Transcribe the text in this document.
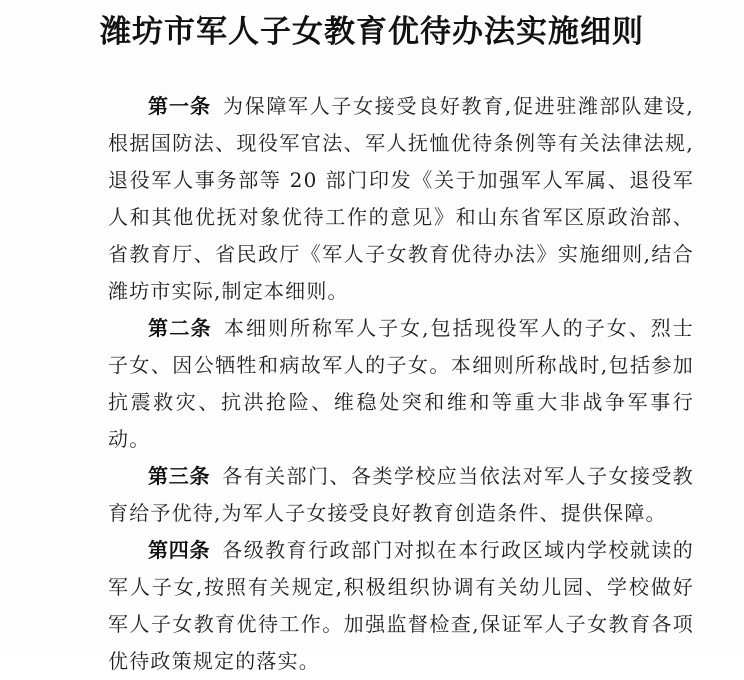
潍坊市军人子女教育优待办法实施细则

第一条 为保障军人子女接受良好教育,促进驻潍部队建设,根据国防法、现役军官法、军人抚恤优待条例等有关法律法规,退役军人事务部等 20 部门印发《关于加强军人军属、退役军人和其他优抚对象优待工作的意见》和山东省军区原政治部、省教育厅、省民政厅《军人子女教育优待办法》实施细则,结合潍坊市实际,制定本细则。

第二条 本细则所称军人子女,包括现役军人的子女、烈士子女、因公牺牲和病故军人的子女。本细则所称战时,包括参加抗震救灾、抗洪抢险、维稳处突和维和等重大非战争军事行动。

第三条 各有关部门、各类学校应当依法对军人子女接受教育给予优待,为军人子女接受良好教育创造条件、提供保障。

第四条 各级教育行政部门对拟在本行政区域内学校就读的军人子女,按照有关规定,积极组织协调有关幼儿园、学校做好军人子女教育优待工作。加强监督检查,保证军人子女教育各项优待政策规定的落实。
